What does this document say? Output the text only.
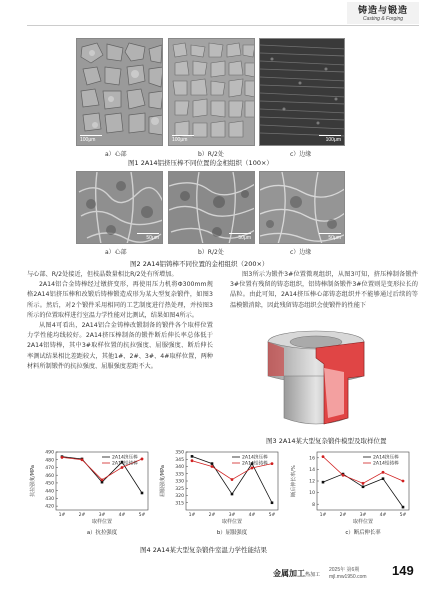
铸造与锻造
Casting & Forging
100μm	100μm	100μm
a）心部	b）R/2处	c）边缘
图1 2A14铝挤压棒不同位置的金相组织（100×）
50μm	50μm	50μm
a）心部	b）R/2处	c）边缘
图2 2A14铝铸棒不同位置的金相组织（200×）

与心部、R/2处接近，但枝晶数量相比R/2处有所增加。

2A14铝合金铸棒经过镦挤变形，再使用压力机将Φ300mm规格2A14铝挤压棒和改锻后铸棒锻造成形为某大型复杂锻件，如图3所示。然后，对2个锻件采用相同的工艺制度进行热处理，并按图3所示的位置取样进行室温力学性能对比测试，结果如图4所示。

从图4可看出，2A14铝合金铸棒改锻制备的锻件各个取样位置力学性能均线较好。2A14挤压棒制备的锻件断后伸长率总体低于2A14铝铸棒，其中3#取样位置的抗拉强度、屈服强度、断后伸长率测试结果相比差距较大，其他1#、2#、3#、4#取样位置，两种材料所制锻件的抗拉强度、屈服强度差距不大。

图3所示为锻件3#位置微观组织，从图3可知，挤压棒制备锻件3#位置有残留的铸态组织，铝铸棒制备锻件3#位置则是变形拉长的晶粒。由此可知，2A14挤压棒心部铸态组织并不能够通过后续的等温模锻消除，因此残留铸态组织会使锻件的性能下

图3 2A14某大型复杂锻件模型及取样位置
420
430
440
450
460
470
480
490
1#	2#	3#	4#	5#
取样位置
抗拉强度/MPa
2A14挤压棒
2A14铝铸棒
a）抗拉强度
315
320
325
330
335
340
345
350
1#	2#	3#	4#	5#
取样位置
屈服强度/MPa
2A14挤压棒
2A14铝铸棒
b）屈服强度
8
10
12
14
16
1#	2#	3#	4#	5#
取样位置
断后伸长率/%
2A14挤压棒
2A14铝铸棒
c）断后伸长率
图4 2A14某大型复杂锻件室温力学性能结果
金属加工热加工
2025年 第6期
mjl.mw1950.com 149
